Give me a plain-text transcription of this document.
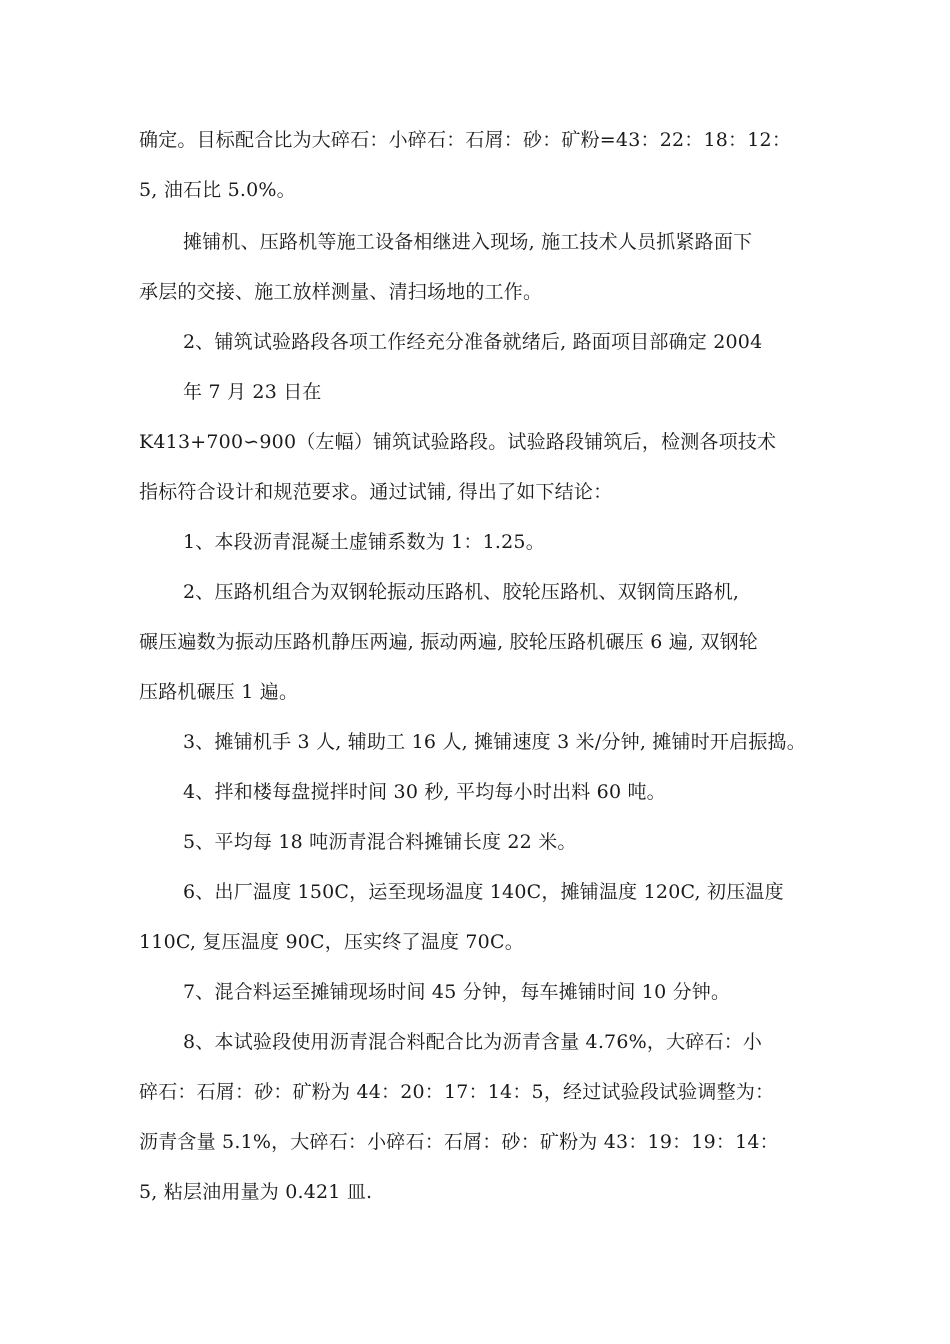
确定。目标配合比为大碎石：小碎石：石屑：砂：矿粉=43：22：18：12：
5, 油石比 5.0%。
摊铺机、压路机等施工设备相继进入现场, 施工技术人员抓紧路面下
承层的交接、施工放样测量、清扫场地的工作。
2、铺筑试验路段各项工作经充分准备就绪后, 路面项目部确定 2004
年 7 月 23 日在
K413+700∽900（左幅）铺筑试验路段。试验路段铺筑后，检测各项技术
指标符合设计和规范要求。通过试铺, 得出了如下结论：
1、本段沥青混凝土虚铺系数为 1：1.25。
2、压路机组合为双钢轮振动压路机、胶轮压路机、双钢筒压路机,
碾压遍数为振动压路机静压两遍, 振动两遍, 胶轮压路机碾压 6 遍, 双钢轮
压路机碾压 1 遍。
3、摊铺机手 3 人, 辅助工 16 人, 摊铺速度 3 米/分钟, 摊铺时开启振捣。
4、拌和楼每盘搅拌时间 30 秒, 平均每小时出料 60 吨。
5、平均每 18 吨沥青混合料摊铺长度 22 米。
6、出厂温度 150C，运至现场温度 140C，摊铺温度 120C, 初压温度
110C, 复压温度 90C，压实终了温度 70C。
7、混合料运至摊铺现场时间 45 分钟，每车摊铺时间 10 分钟。
8、本试验段使用沥青混合料配合比为沥青含量 4.76%，大碎石：小
碎石：石屑：砂：矿粉为 44：20：17：14：5，经过试验段试验调整为：
沥青含量 5.1%，大碎石：小碎石：石屑：砂：矿粉为 43：19：19：14：
5, 粘层油用量为 0.421 皿.
